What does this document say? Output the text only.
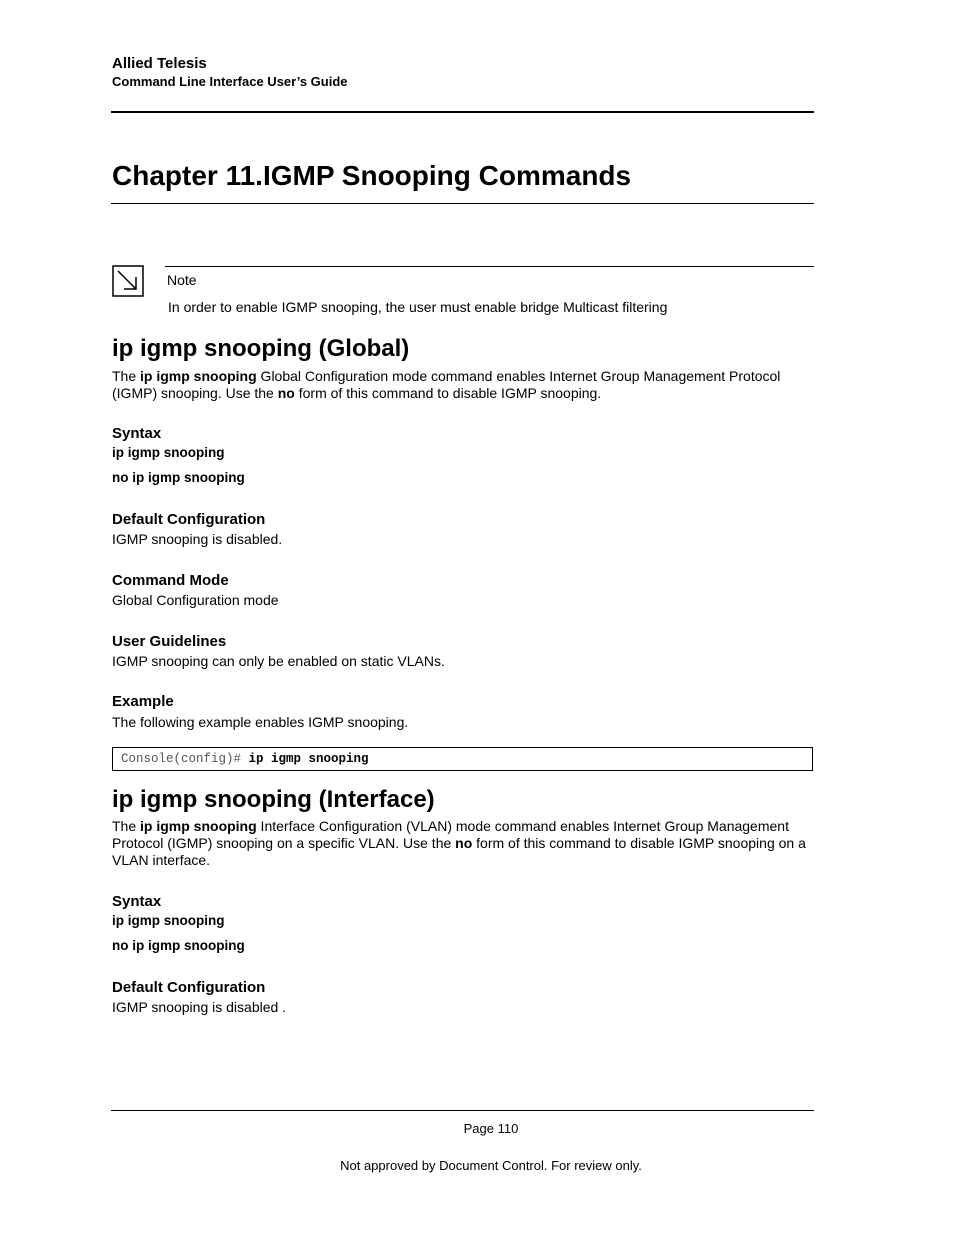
Allied Telesis
Command Line Interface User’s Guide
Chapter 11.IGMP Snooping Commands
Note
In order to enable IGMP snooping, the user must enable bridge Multicast filtering
ip igmp snooping (Global)
The ip igmp snooping Global Configuration mode command enables Internet Group Management Protocol (IGMP) snooping. Use the no form of this command to disable IGMP snooping.
Syntax
ip igmp snooping
no ip igmp snooping
Default Configuration
IGMP snooping is disabled.
Command Mode
Global Configuration mode
User Guidelines
IGMP snooping can only be enabled on static VLANs.
Example
The following example enables IGMP snooping.
Console(config)# ip igmp snooping
ip igmp snooping (Interface)
The ip igmp snooping Interface Configuration (VLAN) mode command enables Internet Group Management Protocol (IGMP) snooping on a specific VLAN. Use the no form of this command to disable IGMP snooping on a VLAN interface.
Syntax
ip igmp snooping
no ip igmp snooping
Default Configuration
IGMP snooping is disabled .
Page 110
Not approved by Document Control. For review only.
